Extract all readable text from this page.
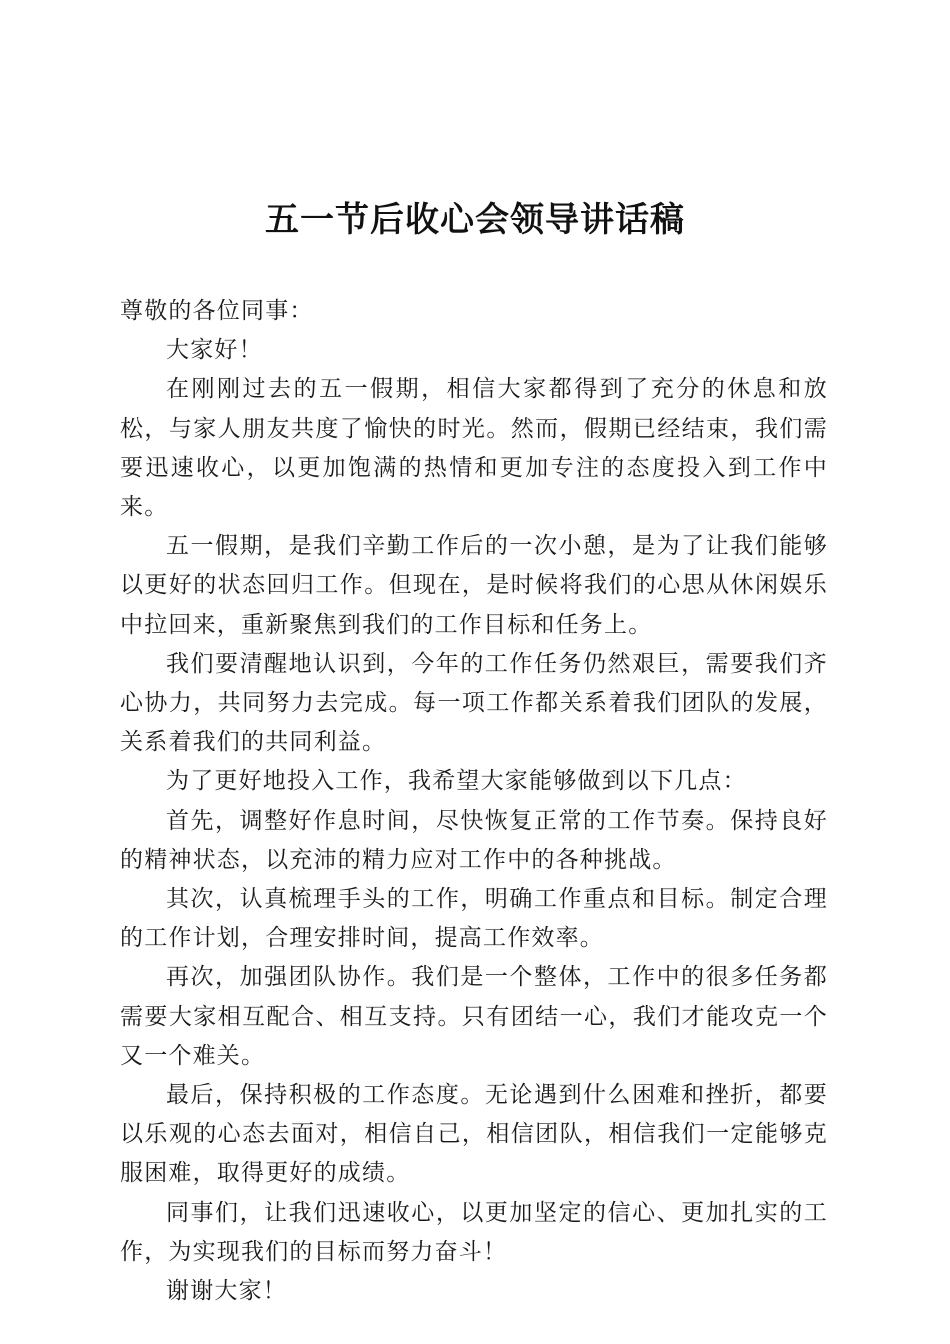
五一节后收心会领导讲话稿

尊敬的各位同事：

大家好！

在刚刚过去的五一假期，相信大家都得到了充分的休息和放松，与家人朋友共度了愉快的时光。然而，假期已经结束，我们需要迅速收心，以更加饱满的热情和更加专注的态度投入到工作中来。

五一假期，是我们辛勤工作后的一次小憩，是为了让我们能够以更好的状态回归工作。但现在，是时候将我们的心思从休闲娱乐中拉回来，重新聚焦到我们的工作目标和任务上。

我们要清醒地认识到，今年的工作任务仍然艰巨，需要我们齐心协力，共同努力去完成。每一项工作都关系着我们团队的发展，关系着我们的共同利益。

为了更好地投入工作，我希望大家能够做到以下几点：

首先，调整好作息时间，尽快恢复正常的工作节奏。保持良好的精神状态，以充沛的精力应对工作中的各种挑战。

其次，认真梳理手头的工作，明确工作重点和目标。制定合理的工作计划，合理安排时间，提高工作效率。

再次，加强团队协作。我们是一个整体，工作中的很多任务都需要大家相互配合、相互支持。只有团结一心，我们才能攻克一个又一个难关。

最后，保持积极的工作态度。无论遇到什么困难和挫折，都要以乐观的心态去面对，相信自己，相信团队，相信我们一定能够克服困难，取得更好的成绩。

同事们，让我们迅速收心，以更加坚定的信心、更加扎实的工作，为实现我们的目标而努力奋斗！

谢谢大家！
